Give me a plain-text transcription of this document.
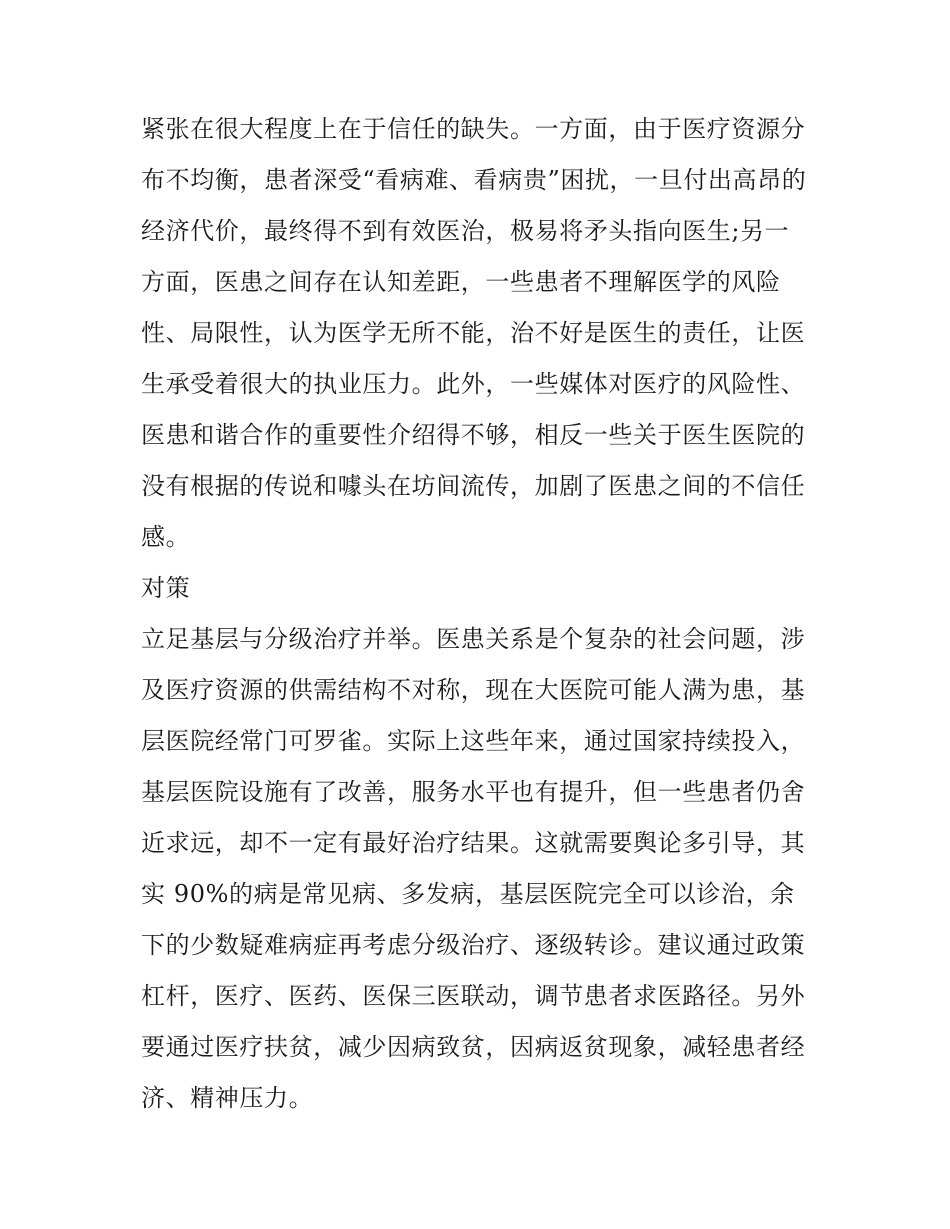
紧张在很大程度上在于信任的缺失。一方面，由于医疗资源分
布不均衡，患者深受“看病难、看病贵”困扰，一旦付出高昂的
经济代价，最终得不到有效医治，极易将矛头指向医生;另一
方面，医患之间存在认知差距，一些患者不理解医学的风险
性、局限性，认为医学无所不能，治不好是医生的责任，让医
生承受着很大的执业压力。此外，一些媒体对医疗的风险性、
医患和谐合作的重要性介绍得不够，相反一些关于医生医院的
没有根据的传说和噱头在坊间流传，加剧了医患之间的不信任
感。
对策
立足基层与分级治疗并举。医患关系是个复杂的社会问题，涉
及医疗资源的供需结构不对称，现在大医院可能人满为患，基
层医院经常门可罗雀。实际上这些年来，通过国家持续投入，
基层医院设施有了改善，服务水平也有提升，但一些患者仍舍
近求远，却不一定有最好治疗结果。这就需要舆论多引导，其
实 90%的病是常见病、多发病，基层医院完全可以诊治，余
下的少数疑难病症再考虑分级治疗、逐级转诊。建议通过政策
杠杆，医疗、医药、医保三医联动，调节患者求医路径。另外
要通过医疗扶贫，减少因病致贫，因病返贫现象，减轻患者经
济、精神压力。
